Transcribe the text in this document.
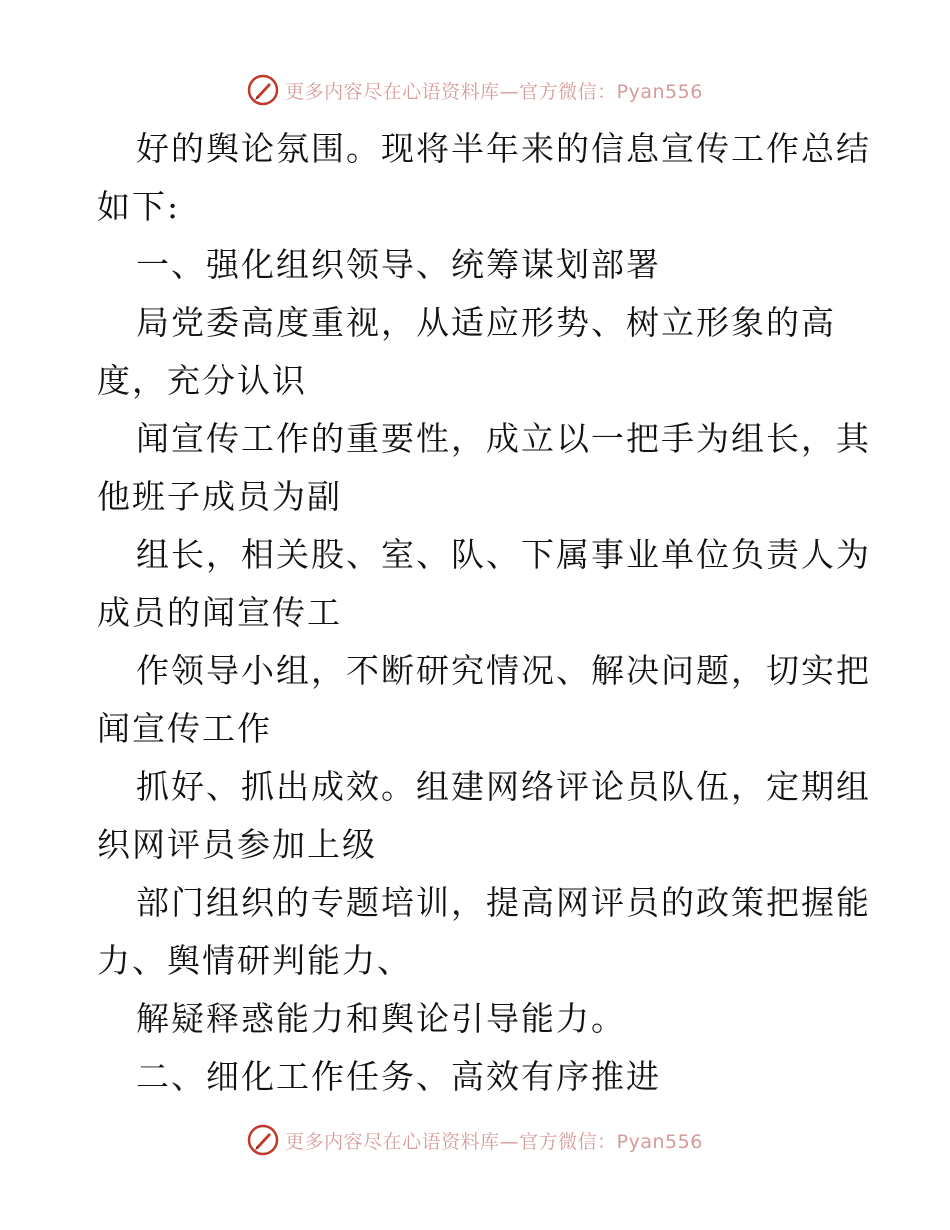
更多内容尽在心语资料库—官方微信：Pyan556
好的舆论氛围。现将半年来的信息宣传工作总结
如下:
一、强化组织领导、统筹谋划部署
局党委高度重视，从适应形势、树立形象的高
度，充分认识
闻宣传工作的重要性，成立以一把手为组长，其
他班子成员为副
组长，相关股、室、队、下属事业单位负责人为
成员的闻宣传工
作领导小组，不断研究情况、解决问题，切实把
闻宣传工作
抓好、抓出成效。组建网络评论员队伍，定期组
织网评员参加上级
部门组织的专题培训，提高网评员的政策把握能
力、舆情研判能力、
解疑释惑能力和舆论引导能力。
二、细化工作任务、高效有序推进
更多内容尽在心语资料库—官方微信：Pyan556
